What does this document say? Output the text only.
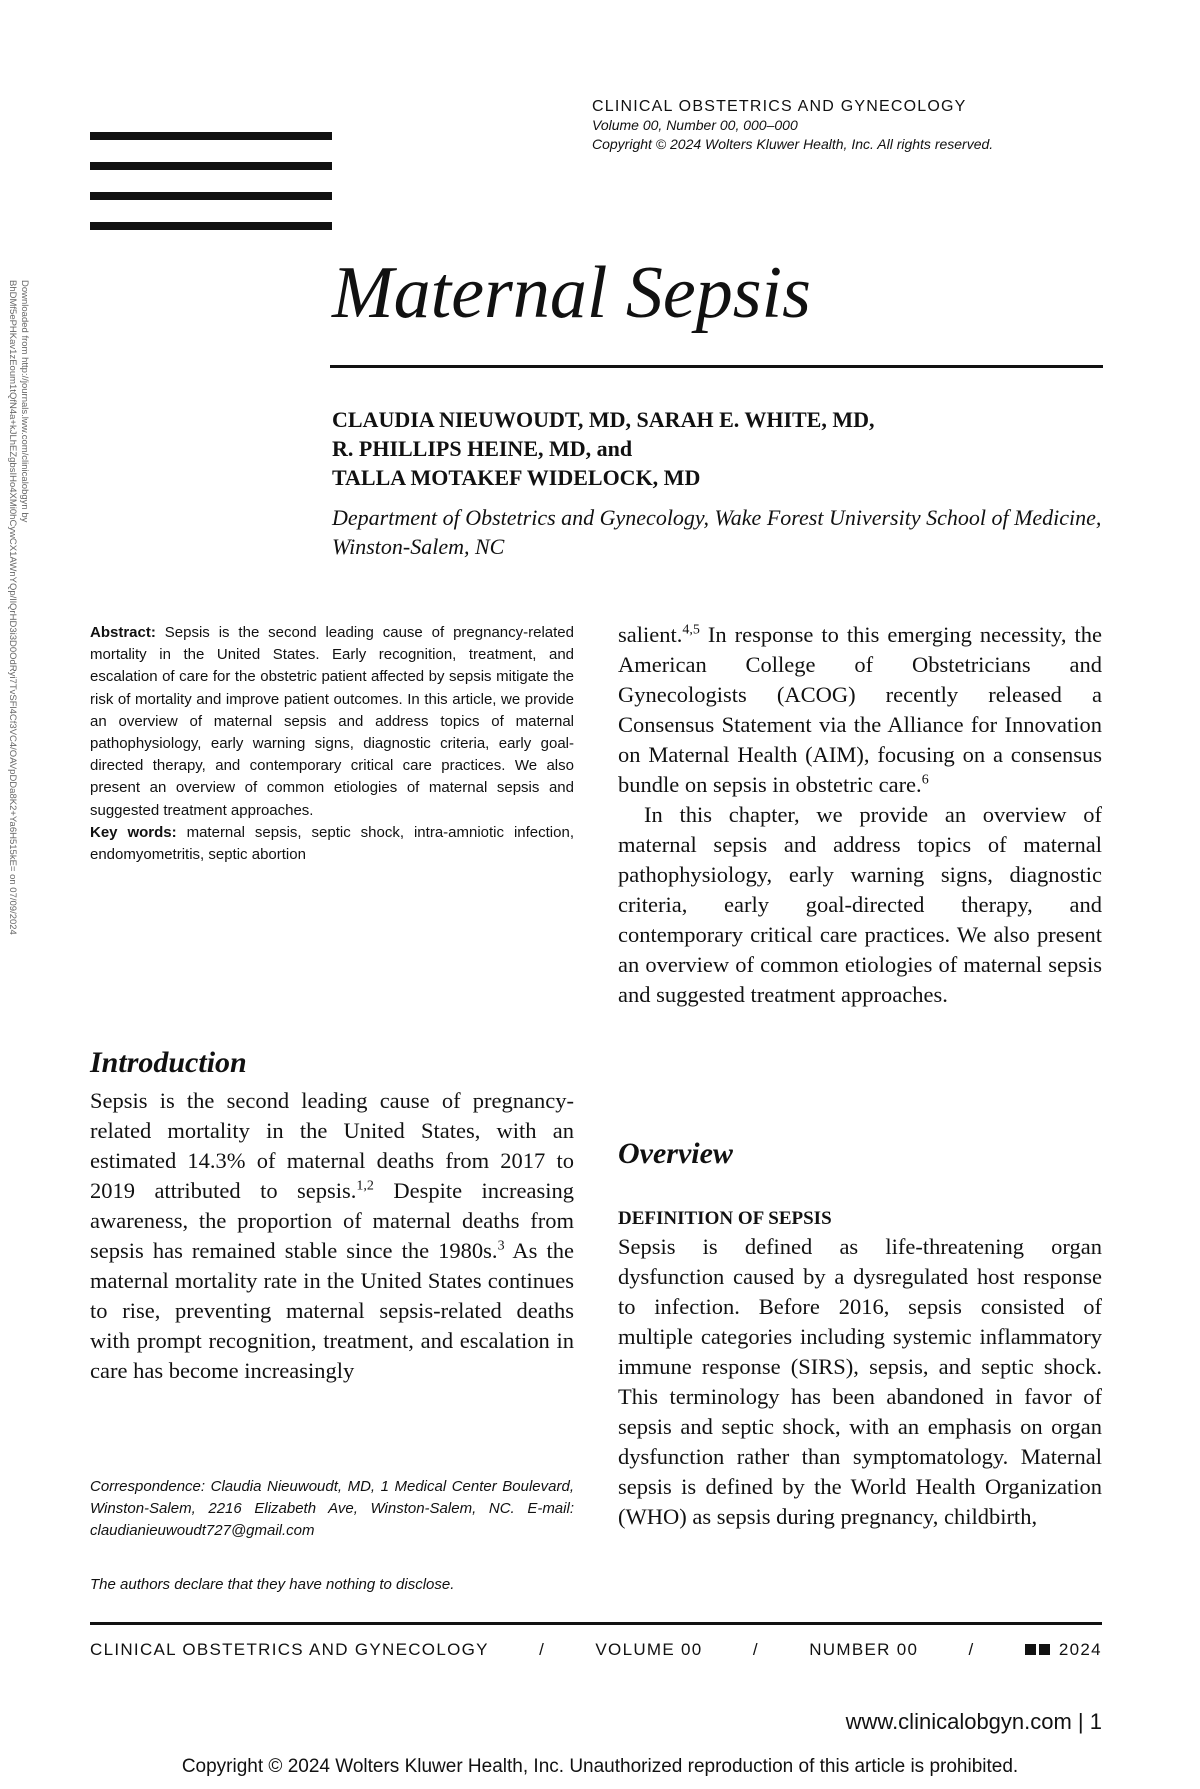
CLINICAL OBSTETRICS AND GYNECOLOGY
Volume 00, Number 00, 000–000
Copyright © 2024 Wolters Kluwer Health, Inc. All rights reserved.
Downloaded from http://journals.lww.com/clinicalobgyn by BhDMf5ePHKav1zEoum1tQfN4a+kJLhEZgbsIHo4XMi0hCywCX1AWnYQp/IlQrHD3i3D0OdRyi7TvSFl4Cf3VC4/OAVpDDa8K2+Ya6H515kE= on 07/09/2024	Maternal Sepsis
CLAUDIA NIEUWOUDT, MD, SARAH E. WHITE, MD,
R. PHILLIPS HEINE, MD, and
TALLA MOTAKEF WIDELOCK, MD
Department of Obstetrics and Gynecology, Wake Forest University School of Medicine, Winston-Salem, NC
Abstract: Sepsis is the second leading cause of pregnancy-related mortality in the United States. Early recognition, treatment, and escalation of care for the obstetric patient affected by sepsis mitigate the risk of mortality and improve patient outcomes. In this article, we provide an overview of maternal sepsis and address topics of maternal pathophysiology, early warning signs, diagnostic criteria, early goal-directed therapy, and contemporary critical care practices. We also present an overview of common etiologies of maternal sepsis and suggested treatment approaches.
Key words: maternal sepsis, septic shock, intra-amniotic infection, endomyometritis, septic abortion
Introduction
Sepsis is the second leading cause of pregnancy-related mortality in the United States, with an estimated 14.3% of maternal deaths from 2017 to 2019 attributed to sepsis.$^{1,2}$ Despite increasing awareness, the proportion of maternal deaths from sepsis has remained stable since the 1980s.$^3$ As the maternal mortality rate in the United States continues to rise, preventing maternal sepsis-related deaths with prompt recognition, treatment, and escalation in care has become increasingly
Correspondence: Claudia Nieuwoudt, MD, 1 Medical Center Boulevard, Winston-Salem, 2216 Elizabeth Ave, Winston-Salem, NC. E-mail: claudianieuwoudt727@gmail.com
The authors declare that they have nothing to disclose.

salient.$^{4,5}$ In response to this emerging necessity, the American College of Obstetricians and Gynecologists (ACOG) recently released a Consensus Statement via the Alliance for Innovation on Maternal Health (AIM), focusing on a consensus bundle on sepsis in obstetric care.$^6$

In this chapter, we provide an overview of maternal sepsis and address topics of maternal pathophysiology, early warning signs, diagnostic criteria, early goal-directed therapy, and contemporary critical care practices. We also present an overview of common etiologies of maternal sepsis and suggested treatment approaches.

Overview
DEFINITION OF SEPSIS
Sepsis is defined as life-threatening organ dysfunction caused by a dysregulated host response to infection. Before 2016, sepsis consisted of multiple categories including systemic inflammatory immune response (SIRS), sepsis, and septic shock. This terminology has been abandoned in favor of sepsis and septic shock, with an emphasis on organ dysfunction rather than symptomatology. Maternal sepsis is defined by the World Health Organization (WHO) as sepsis during pregnancy, childbirth,
CLINICAL OBSTETRICS AND GYNECOLOGY	/	VOLUME 00	/	NUMBER 00	/	2024
www.clinicalobgyn.com | 1
Copyright © 2024 Wolters Kluwer Health, Inc. Unauthorized reproduction of this article is prohibited.
